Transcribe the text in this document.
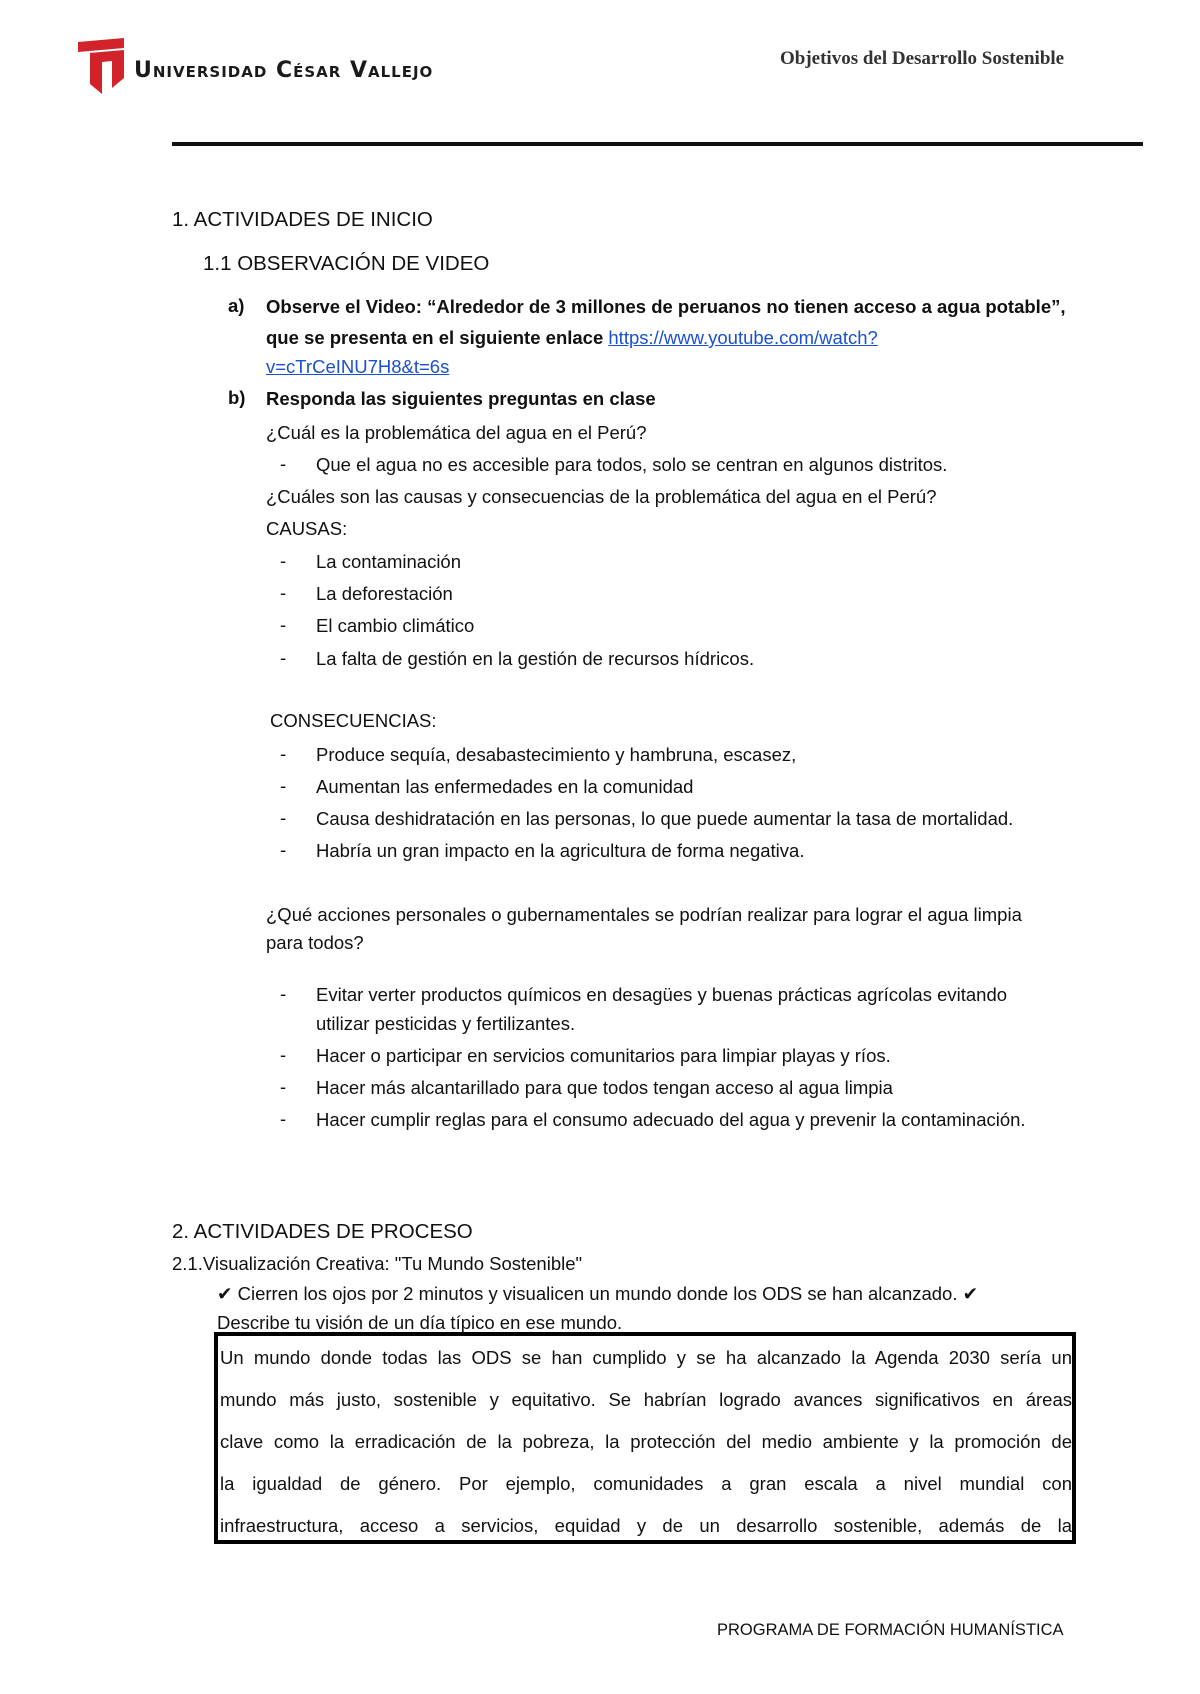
Universidad César Vallejo	Objetivos del Desarrollo Sostenible
1. ACTIVIDADES DE INICIO
1.1 OBSERVACIÓN DE VIDEO
a) Observe el Video: “Alrededor de 3 millones de peruanos no tienen acceso a agua potable”,
que se presenta en el siguiente enlace https://www.youtube.com/watch?
v=cTrCeINU7H8&t=6s
b) Responda las siguientes preguntas en clase
¿Cuál es la problemática del agua en el Perú?
- Que el agua no es accesible para todos, solo se centran en algunos distritos.
¿Cuáles son las causas y consecuencias de la problemática del agua en el Perú?
CAUSAS:
- La contaminación
- La deforestación
- El cambio climático
- La falta de gestión en la gestión de recursos hídricos.
CONSECUENCIAS:
- Produce sequía, desabastecimiento y hambruna, escasez,
- Aumentan las enfermedades en la comunidad
- Causa deshidratación en las personas, lo que puede aumentar la tasa de mortalidad.
- Habría un gran impacto en la agricultura de forma negativa.
¿Qué acciones personales o gubernamentales se podrían realizar para lograr el agua limpia
para todos?
- Evitar verter productos químicos en desagües y buenas prácticas agrícolas evitando
utilizar pesticidas y fertilizantes.
- Hacer o participar en servicios comunitarios para limpiar playas y ríos.
- Hacer más alcantarillado para que todos tengan acceso al agua limpia
- Hacer cumplir reglas para el consumo adecuado del agua y prevenir la contaminación.
2. ACTIVIDADES DE PROCESO
2.1.Visualización Creativa: "Tu Mundo Sostenible"
✔ Cierren los ojos por 2 minutos y visualicen un mundo donde los ODS se han alcanzado. ✔
Describe tu visión de un día típico en ese mundo.
Un mundo donde todas las ODS se han cumplido y se ha alcanzado la Agenda 2030 sería un
mundo más justo, sostenible y equitativo. Se habrían logrado avances significativos en áreas
clave como la erradicación de la pobreza, la protección del medio ambiente y la promoción de
la igualdad de género. Por ejemplo, comunidades a gran escala a nivel mundial con
infraestructura, acceso a servicios, equidad y de un desarrollo sostenible, además de la
PROGRAMA DE FORMACIÓN HUMANÍSTICA
